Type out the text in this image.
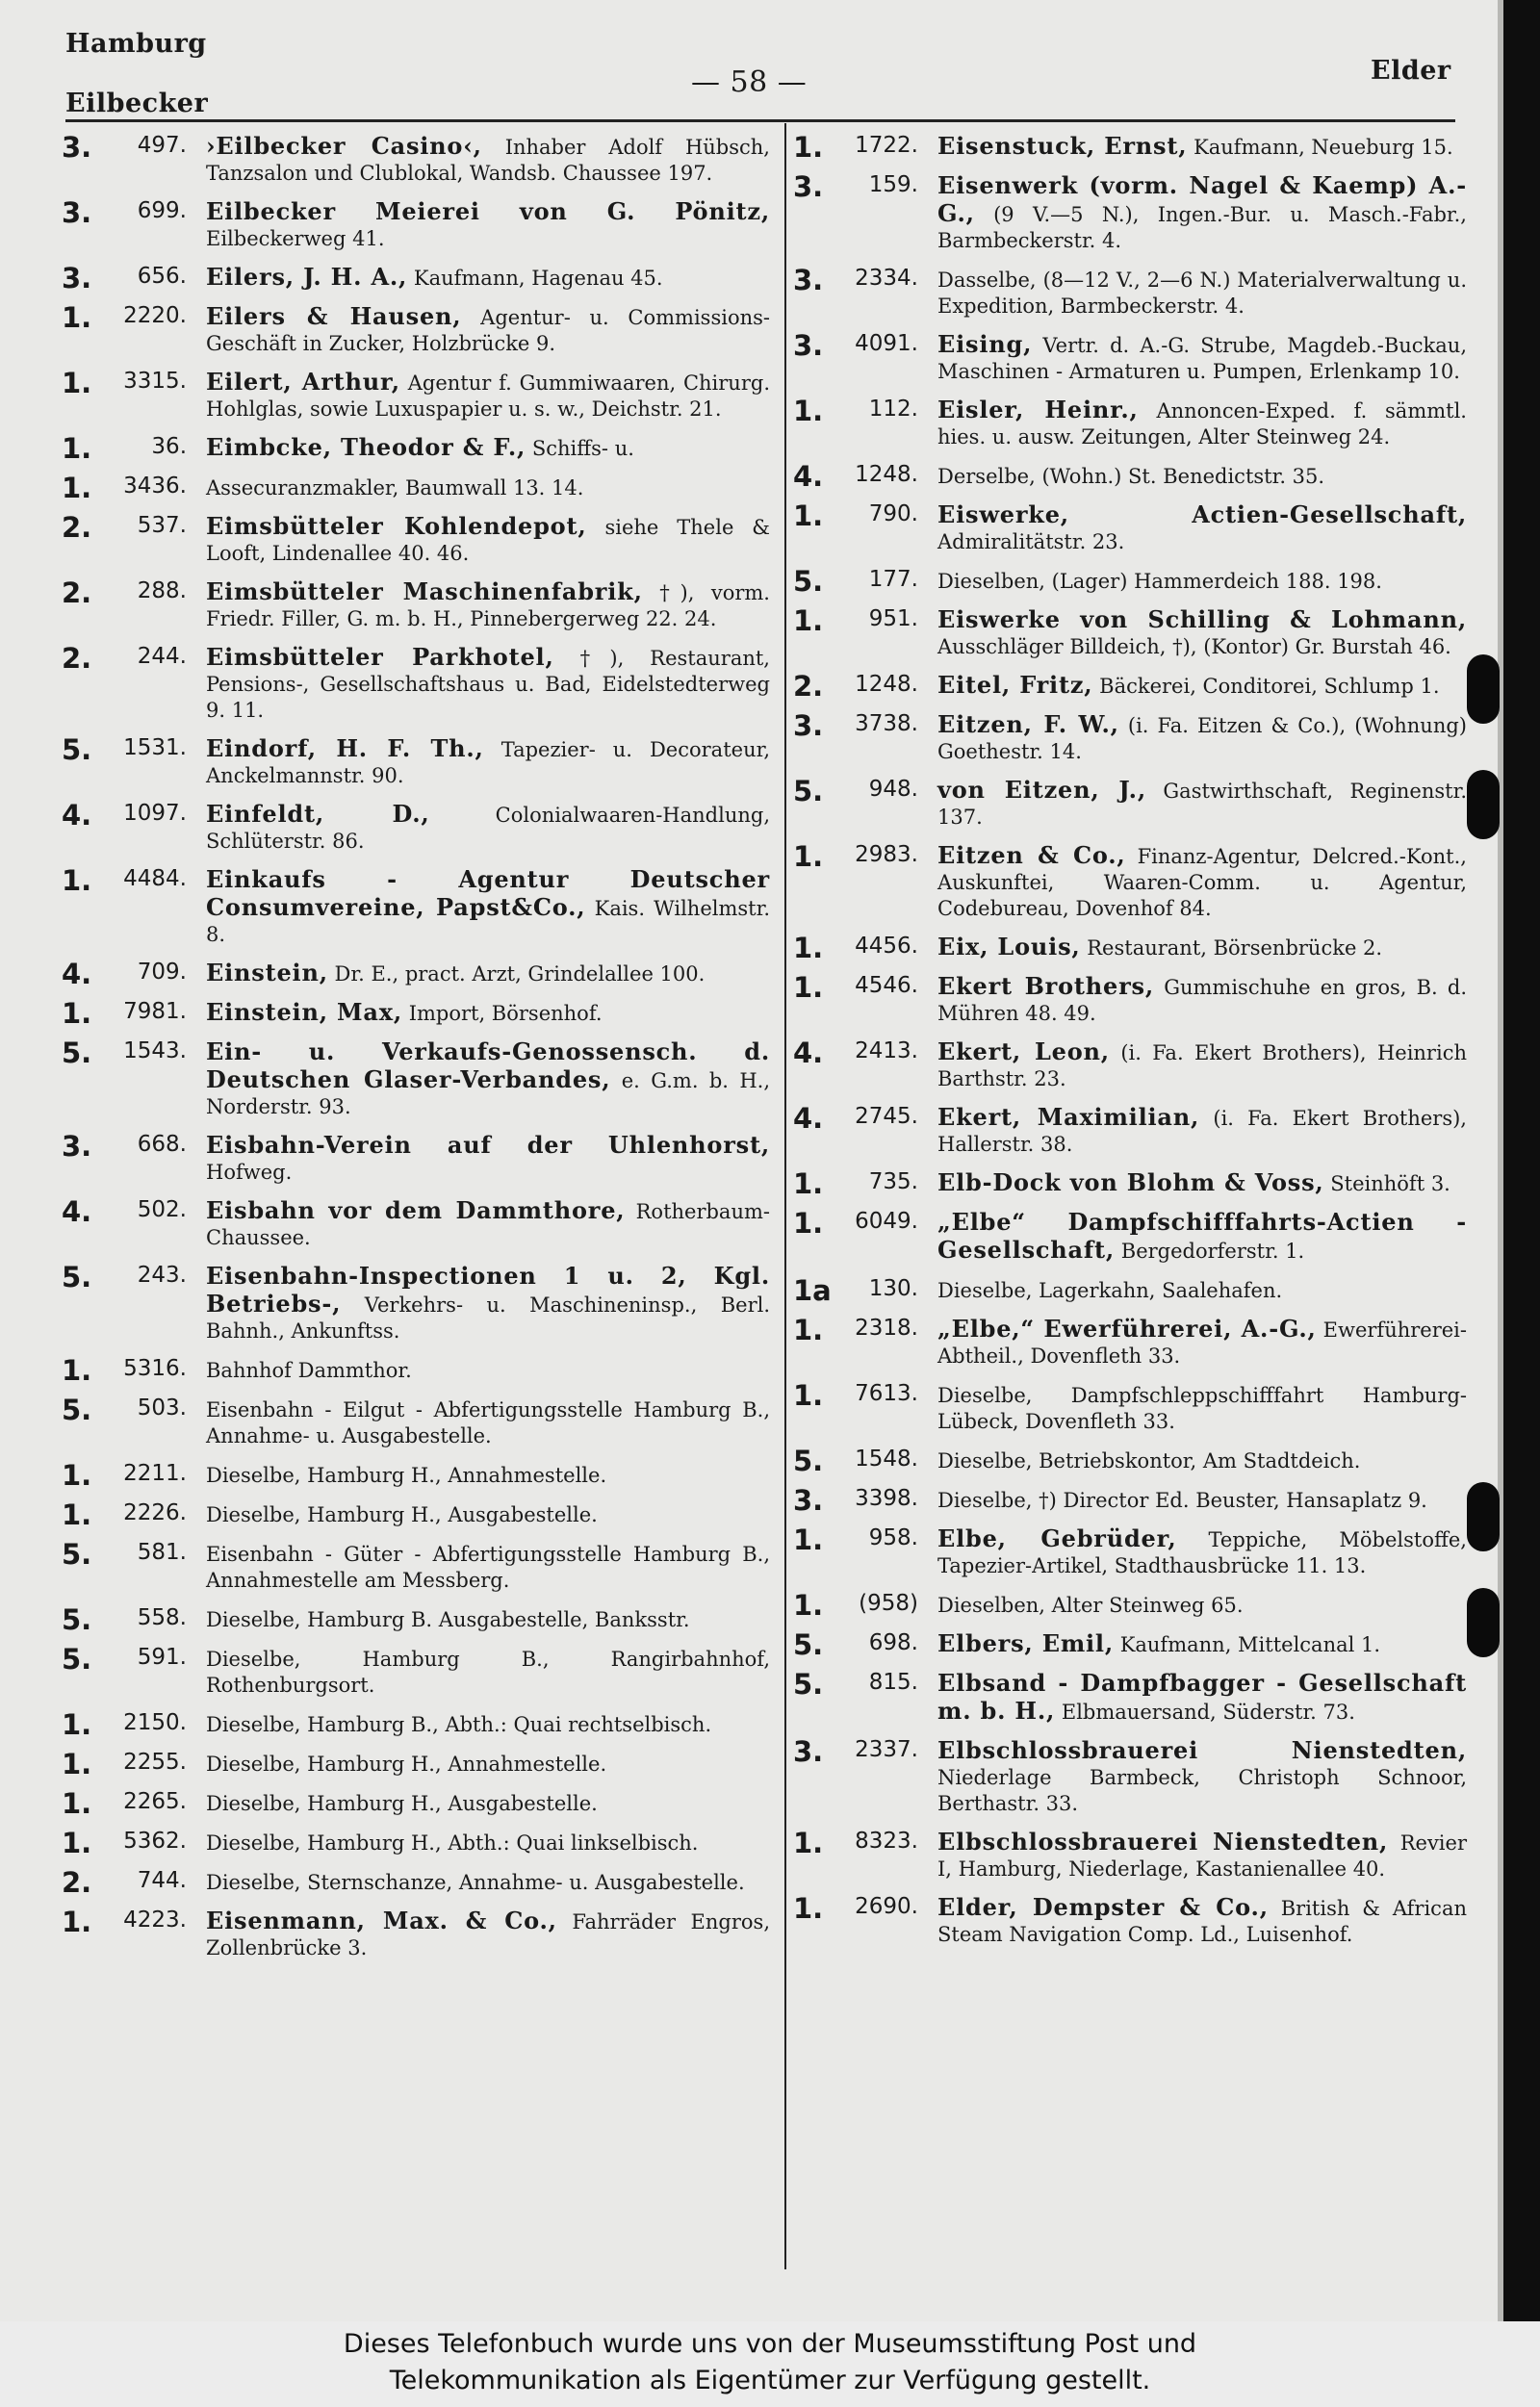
Hamburg
Eilbecker
— 58 —	Elder
3.	497. ›Eilbecker Casino‹, Inhaber Adolf Hübsch, Tanzsalon und Clublokal, Wandsb. Chaussee 197.
3.	699. Eilbecker Meierei von G. Pönitz, Eilbeckerweg 41.
3.	656. Eilers, J. H. A., Kaufmann, Hagenau 45.
1.	2220. Eilers & Hausen, Agentur- u. Commissions-Geschäft in Zucker, Holzbrücke 9.
1.	3315. Eilert, Arthur, Agentur f. Gummiwaaren, Chirurg. Hohlglas, sowie Luxuspapier u. s. w., Deichstr. 21.
1.	36. Eimbcke, Theodor & F., Schiffs- u.
1.	3436. Assecuranzmakler, Baumwall 13. 14.
2.	537. Eimsbütteler Kohlendepot, siehe Thele & Looft, Lindenallee 40. 46.
2.	288. Eimsbütteler Maschinenfabrik, †), vorm. Friedr. Filler, G. m. b. H., Pinnebergerweg 22. 24.
2.	244. Eimsbütteler Parkhotel, †), Restaurant, Pensions-, Gesellschaftshaus u. Bad, Eidelstedterweg 9. 11.
5.	1531. Eindorf, H. F. Th., Tapezier- u. Decorateur, Anckelmannstr. 90.
4.	1097. Einfeldt, D.,	Colonialwaaren-Handlung, Schlüterstr. 86.
1.	4484. Einkaufs - Agentur Deutscher Consumvereine, Papst&Co., Kais. Wilhelmstr. 8.
4.	709. Einstein, Dr. E., pract. Arzt, Grindelallee 100.
1.	7981. Einstein, Max, Import, Börsenhof.
5.	1543. Ein- u. Verkaufs-Genossensch. d. Deutschen Glaser-Verbandes, e. G.m. b. H., Norderstr. 93.
3.	668. Eisbahn-Verein auf der Uhlenhorst, Hofweg.
4.	502. Eisbahn vor dem Dammthore, Rotherbaum-Chaussee.
5.	243. Eisenbahn-Inspectionen 1 u. 2, Kgl. Betriebs-, Verkehrs- u. Maschineninsp., Berl. Bahnh., Ankunftss.
1.	5316. Bahnhof Dammthor.
5.	503. Eisenbahn - Eilgut - Abfertigungsstelle Hamburg B., Annahme- u. Ausgabestelle.
1.	2211. Dieselbe, Hamburg H., Annahmestelle.
1.	2226. Dieselbe, Hamburg H., Ausgabestelle.
5.	581. Eisenbahn - Güter - Abfertigungsstelle Hamburg B., Annahmestelle am Messberg.
5.	558. Dieselbe, Hamburg B. Ausgabestelle, Banksstr.
5.	591. Dieselbe, Hamburg B., Rangirbahnhof, Rothenburgsort.
1.	2150. Dieselbe, Hamburg B., Abth.: Quai rechtselbisch.
1.	2255. Dieselbe, Hamburg H., Annahmestelle.
1.	2265. Dieselbe, Hamburg H., Ausgabestelle.
1.	5362. Dieselbe, Hamburg H., Abth.: Quai linkselbisch.
2.	744. Dieselbe, Sternschanze, Annahme- u. Ausgabestelle.
1.	4223. Eisenmann, Max. & Co., Fahrräder Engros, Zollenbrücke 3.
1.	1722. Eisenstuck, Ernst, Kaufmann, Neueburg 15.
3.	159. Eisenwerk (vorm. Nagel & Kaemp) A.-G., (9 V.—5 N.), Ingen.-Bur. u. Masch.-Fabr., Barmbeckerstr. 4.
3.	2334. Dasselbe, (8—12 V., 2—6 N.) Materialverwaltung u. Expedition, Barmbeckerstr. 4.
3.	4091. Eising, Vertr. d. A.-G. Strube, Magdeb.-Buckau, Maschinen - Armaturen u. Pumpen, Erlenkamp 10.
1.	112. Eisler, Heinr., Annoncen-Exped. f. sämmtl. hies. u. ausw. Zeitungen, Alter Steinweg 24.
4.	1248. Derselbe, (Wohn.) St. Benedictstr. 35.
1.	790. Eiswerke, Actien-Gesellschaft, Admiralitätstr. 23.
5.	177. Dieselben, (Lager) Hammerdeich 188. 198.
1.	951. Eiswerke von Schilling & Lohmann, Ausschläger Billdeich, †), (Kontor) Gr. Burstah 46.
2.	1248. Eitel, Fritz, Bäckerei, Conditorei, Schlump 1.
3.	3738. Eitzen, F. W., (i. Fa. Eitzen & Co.), (Wohnung) Goethestr. 14.
5.	948. von Eitzen, J., Gastwirthschaft, Reginenstr. 137.
1.	2983. Eitzen & Co., Finanz-Agentur, Delcred.-Kont., Auskunftei, Waaren-Comm. u. Agentur, Codebureau, Dovenhof 84.
1.	4456. Eix, Louis, Restaurant, Börsenbrücke 2.
1.	4546. Ekert Brothers, Gummischuhe en gros, B. d. Mühren 48. 49.
4.	2413. Ekert, Leon, (i. Fa. Ekert Brothers), Heinrich Barthstr. 23.
4.	2745. Ekert, Maximilian, (i. Fa. Ekert Brothers), Hallerstr. 38.
1.	735. Elb-Dock von Blohm & Voss, Steinhöft 3.
1.	6049. „Elbe“ Dampfschifffahrts-Actien - Gesellschaft, Bergedorferstr. 1.
1a	130. Dieselbe, Lagerkahn, Saalehafen.
1.	2318. „Elbe,“ Ewerführerei, A.-G., Ewerführerei-Abtheil., Dovenfleth 33.
1.	7613. Dieselbe, Dampfschleppschifffahrt Hamburg-Lübeck, Dovenfleth 33.
5.	1548. Dieselbe, Betriebskontor, Am Stadtdeich.
3.	3398. Dieselbe, †) Director Ed. Beuster, Hansaplatz 9.
1.	958. Elbe, Gebrüder, Teppiche, Möbelstoffe, Tapezier-Artikel, Stadthausbrücke 11. 13.
1.	(958) Dieselben, Alter Steinweg 65.
5.	698. Elbers, Emil, Kaufmann, Mittelcanal 1.
5.	815. Elbsand - Dampfbagger - Gesellschaft m. b. H., Elbmauersand, Süderstr. 73.
3.	2337. Elbschlossbrauerei Nienstedten, Niederlage Barmbeck, Christoph Schnoor, Berthastr. 33.
1.	8323. Elbschlossbrauerei Nienstedten, Revier I, Hamburg, Niederlage, Kastanienallee 40.
1.	2690. Elder, Dempster & Co., British & African Steam Navigation Comp. Ld., Luisenhof.
Dieses Telefonbuch wurde uns von der Museumsstiftung Post und
Telekommunikation als Eigentümer zur Verfügung gestellt.
